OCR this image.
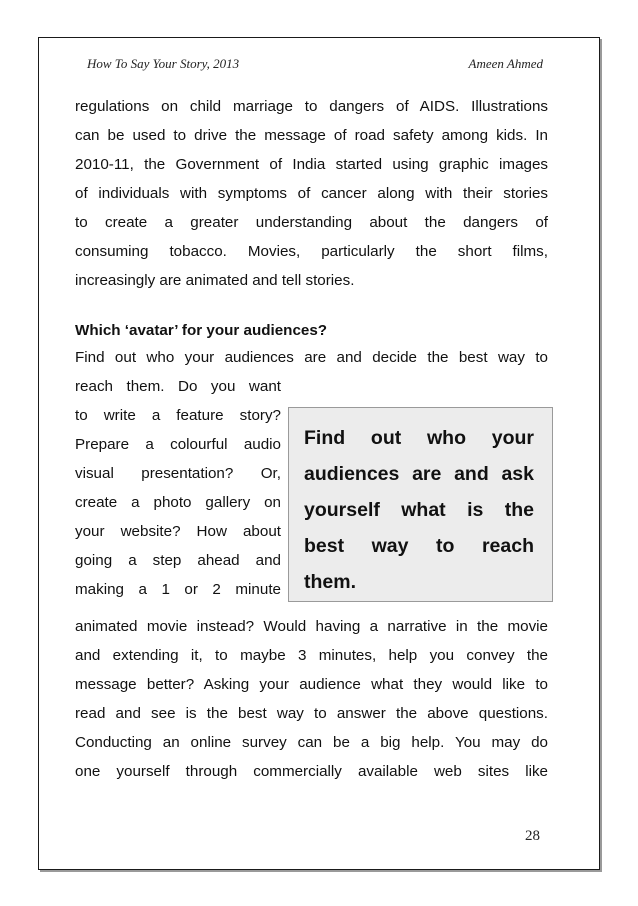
How To Say Your Story, 2013	Ameen Ahmed
regulations on child marriage to dangers of AIDS. Illustrations
can be used to drive the message of road safety among kids. In
2010-11, the Government of India started using graphic images
of individuals with symptoms of cancer along with their stories
to create a greater understanding about the dangers of
consuming tobacco. Movies, particularly the short films,
increasingly are animated and tell stories.
Which ‘avatar’ for your audiences?
Find out who your audiences are and decide the best way to
reach them. Do you want
to write a feature story?
Prepare a colourful audio
visual presentation? Or,
create a photo gallery on
your website? How about
going a step ahead and
making a 1 or 2 minute
Find out who your
audiences are and ask
yourself what is the
best way to reach
them.
animated movie instead? Would having a narrative in the movie
and extending it, to maybe 3 minutes, help you convey the
message better? Asking your audience what they would like to
read and see is the best way to answer the above questions.
Conducting an online survey can be a big help. You may do
one yourself through commercially available web sites like
28
